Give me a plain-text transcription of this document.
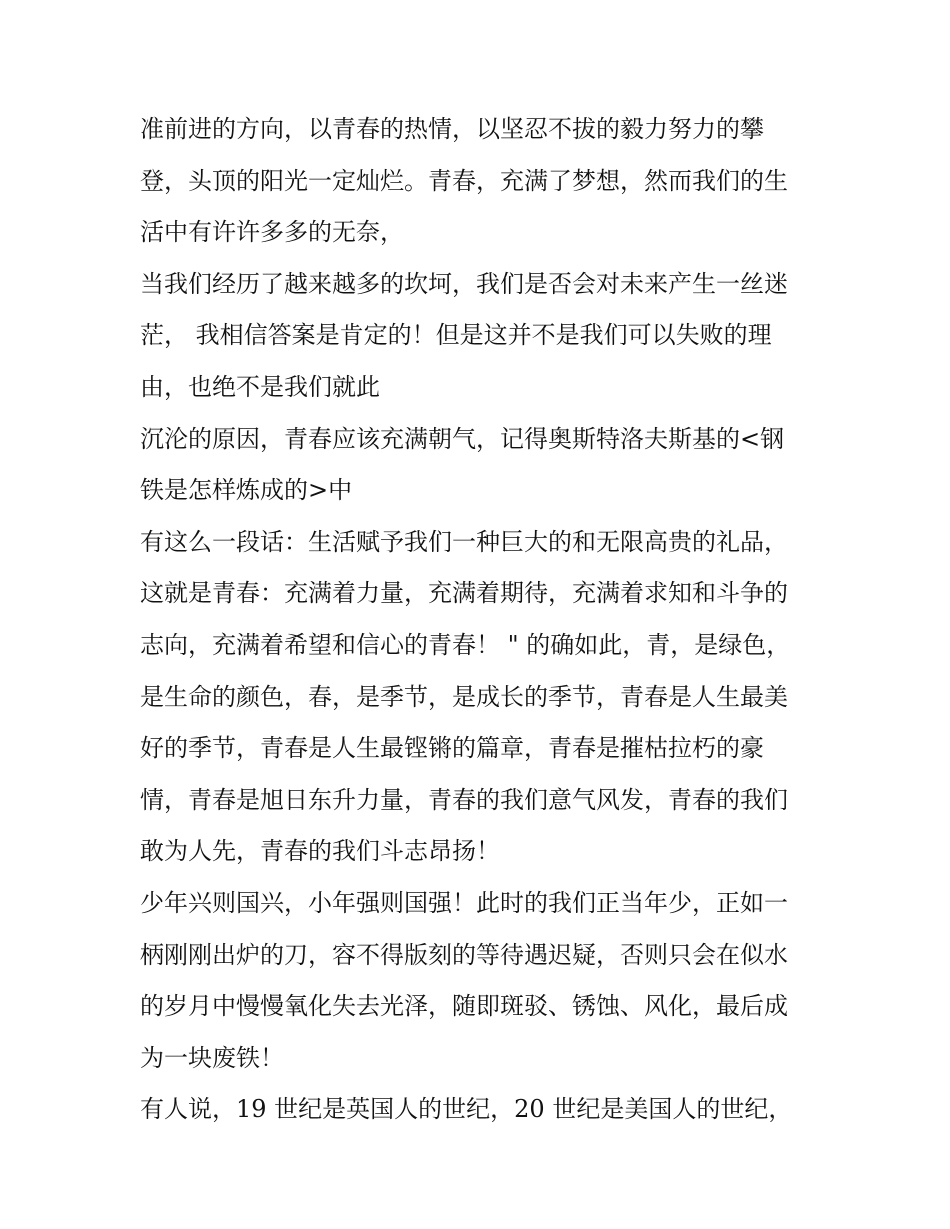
准前进的方向，以青春的热情，以坚忍不拔的毅力努力的攀
登，头顶的阳光一定灿烂。青春，充满了梦想，然而我们的生
活中有许许多多的无奈，
当我们经历了越来越多的坎坷，我们是否会对未来产生一丝迷
茫， 我相信答案是肯定的！但是这并不是我们可以失败的理
由，也绝不是我们就此
沉沦的原因，青春应该充满朝气，记得奥斯特洛夫斯基的<钢
铁是怎样炼成的>中
有这么一段话：生活赋予我们一种巨大的和无限高贵的礼品，
这就是青春：充满着力量，充满着期待，充满着求知和斗争的
志向，充满着希望和信心的青春！ " 的确如此，青，是绿色，
是生命的颜色，春，是季节，是成长的季节，青春是人生最美
好的季节，青春是人生最铿锵的篇章，青春是摧枯拉朽的豪
情，青春是旭日东升力量，青春的我们意气风发，青春的我们
敢为人先，青春的我们斗志昂扬！
少年兴则国兴，小年强则国强！此时的我们正当年少，正如一
柄刚刚出炉的刀，容不得版刻的等待遇迟疑，否则只会在似水
的岁月中慢慢氧化失去光泽，随即斑驳、锈蚀、风化，最后成
为一块废铁！
有人说，19 世纪是英国人的世纪，20 世纪是美国人的世纪，
